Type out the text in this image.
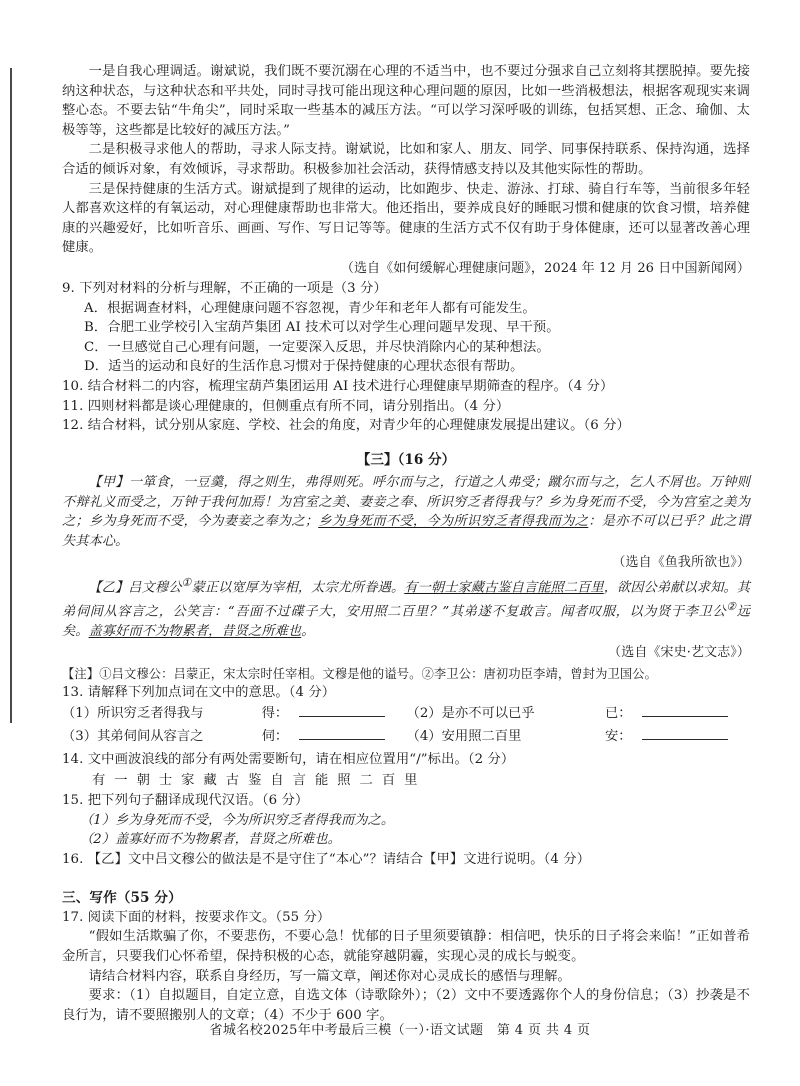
一是自我心理调适。谢斌说，我们既不要沉溺在心理的不适当中，也不要过分强求自己立刻将其摆脱掉。要先接纳这种状态，与这种状态和平共处，同时寻找可能出现这种心理问题的原因，比如一些消极想法，根据客观现实来调整心态。不要去钻“牛角尖”，同时采取一些基本的减压方法。“可以学习深呼吸的训练，包括冥想、正念、瑜伽、太极等等，这些都是比较好的减压方法。”

二是积极寻求他人的帮助，寻求人际支持。谢斌说，比如和家人、朋友、同学、同事保持联系、保持沟通，选择合适的倾诉对象，有效倾诉，寻求帮助。积极参加社会活动，获得情感支持以及其他实际性的帮助。

三是保持健康的生活方式。谢斌提到了规律的运动，比如跑步、快走、游泳、打球、骑自行车等，当前很多年轻人都喜欢这样的有氧运动，对心理健康帮助也非常大。他还指出，要养成良好的睡眠习惯和健康的饮食习惯，培养健康的兴趣爱好，比如听音乐、画画、写作、写日记等等。健康的生活方式不仅有助于身体健康，还可以显著改善心理健康。

（选自《如何缓解心理健康问题》，2024 年 12 月 26 日中国新闻网）

9. 下列对材料的分析与理解，不正确的一项是（3 分）

A．根据调查材料，心理健康问题不容忽视，青少年和老年人都有可能发生。

B．合肥工业学校引入宝葫芦集团 AI 技术可以对学生心理问题早发现、早干预。

C．一旦感觉自己心理有问题，一定要深入反思，并尽快消除内心的某种想法。

D．适当的运动和良好的生活作息习惯对于保持健康的心理状态很有帮助。

10. 结合材料二的内容，梳理宝葫芦集团运用 AI 技术进行心理健康早期筛查的程序。（4 分）

11. 四则材料都是谈心理健康的，但侧重点有所不同，请分别指出。（4 分）

12. 结合材料，试分别从家庭、学校、社会的角度，对青少年的心理健康发展提出建议。（6 分）

【三】（16 分）

【甲】一箪食，一豆羹，得之则生，弗得则死。呼尔而与之，行道之人弗受；蹴尔而与之，乞人不屑也。万钟则不辩礼义而受之，万钟于我何加焉！为宫室之美、妻妾之奉、所识穷乏者得我与？乡为身死而不受，今为宫室之美为之；乡为身死而不受，今为妻妾之奉为之；乡为身死而不受，今为所识穷乏者得我而为之：是亦不可以已乎？此之谓失其本心。

（选自《鱼我所欲也》）

【乙】吕文穆公①蒙正以宽厚为宰相，太宗尤所眷遇。有一朝士家藏古鉴自言能照二百里，欲因公弟献以求知。其弟伺间从容言之，公笑言：“吾面不过碟子大，安用照二百里？”其弟遂不复敢言。闻者叹服，以为贤于李卫公②远矣。盖寡好而不为物累者，昔贤之所难也。

（选自《宋史·艺文志》）

【注】①吕文穆公：吕蒙正，宋太宗时任宰相。文穆是他的谥号。②李卫公：唐初功臣李靖，曾封为卫国公。

13. 请解释下列加点词在文中的意思。（4 分）

（1）所识穷乏者得我与	得：		（2）是亦不可以已乎	已：	
（3）其弟伺间从容言之	伺：		（4）安用照二百里	安：	

14. 文中画波浪线的部分有两处需要断句，请在相应位置用“/”标出。（2 分）

有一朝士家藏古鉴自言能照二百里

15. 把下列句子翻译成现代汉语。（6 分）

（1）乡为身死而不受，今为所识穷乏者得我而为之。

（2）盖寡好而不为物累者，昔贤之所难也。

16. 【乙】文中吕文穆公的做法是不是守住了“本心”？请结合【甲】文进行说明。（4 分）

三、写作（55 分）

17. 阅读下面的材料，按要求作文。（55 分）

“假如生活欺骗了你，不要悲伤，不要心急！忧郁的日子里须要镇静：相信吧，快乐的日子将会来临！”正如普希金所言，只要我们心怀希望，保持积极的心态，就能穿越阴霾，实现心灵的成长与蜕变。

请结合材料内容，联系自身经历，写一篇文章，阐述你对心灵成长的感悟与理解。

要求：（1）自拟题目，自定立意，自选文体（诗歌除外）；（2）文中不要透露你个人的身份信息；（3）抄袭是不良行为，请不要照搬别人的文章；（4）不少于 600 字。

省城名校2025年中考最后三模（一）·语文试题　第 4 页 共 4 页
